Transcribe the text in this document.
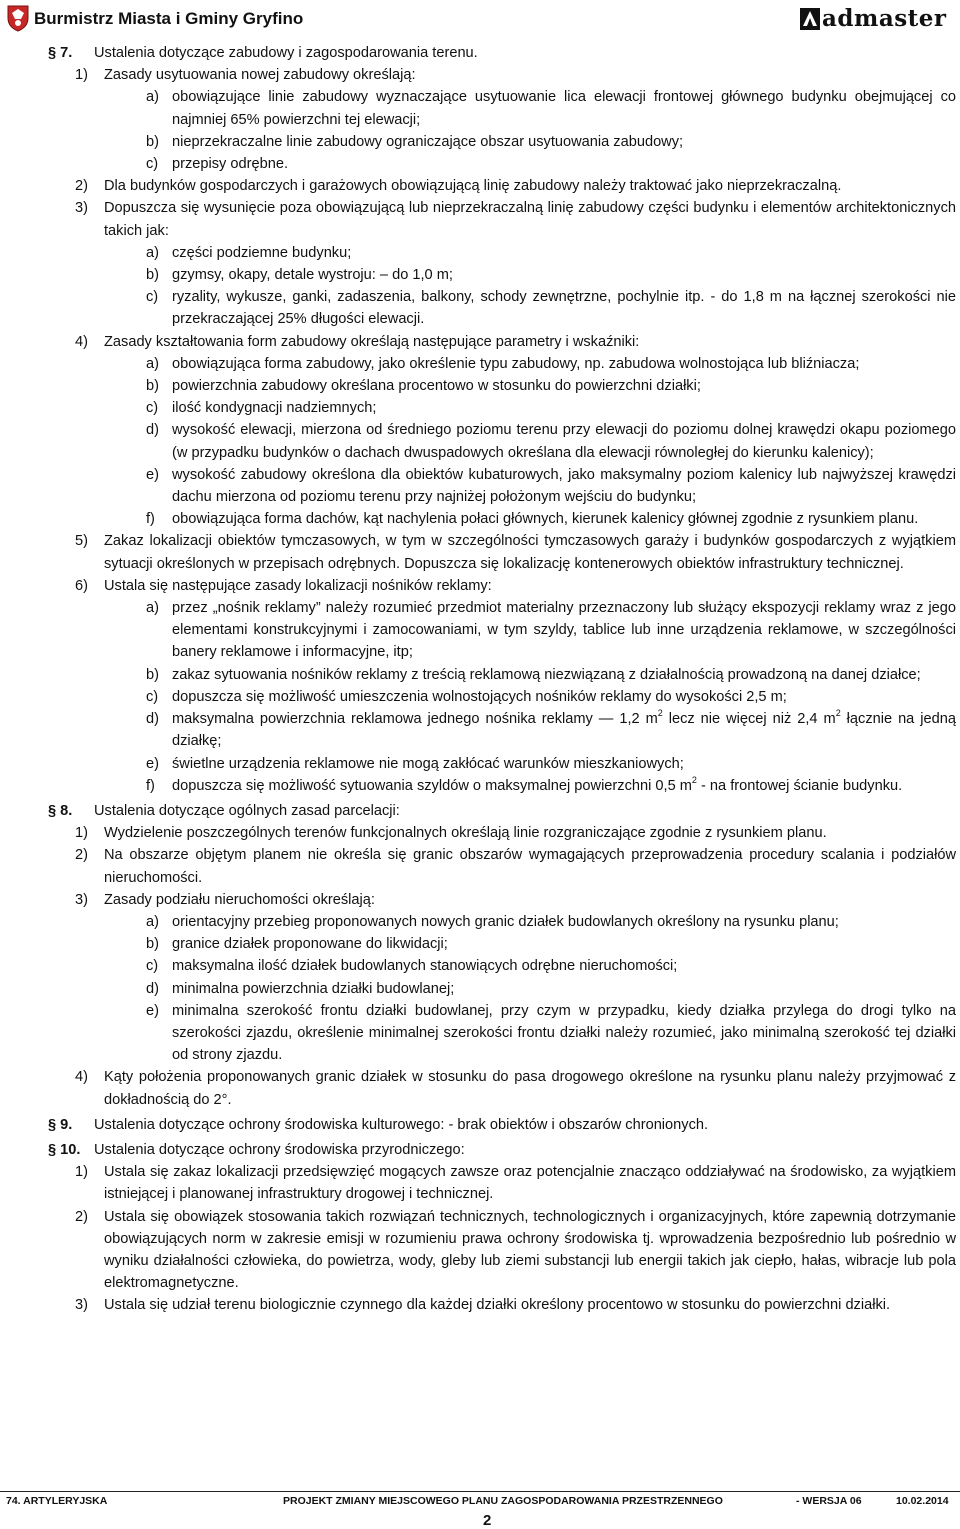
Burmistrz Miasta i Gminy Gryfino	admaster
§ 7. Ustalenia dotyczące zabudowy i zagospodarowania terenu.
1) Zasady usytuowania nowej zabudowy określają:
a) obowiązujące linie zabudowy wyznaczające usytuowanie lica elewacji frontowej głównego budynku obejmującej co najmniej 65% powierzchni tej elewacji;
b) nieprzekraczalne linie zabudowy ograniczające obszar usytuowania zabudowy;
c) przepisy odrębne.
2) Dla budynków gospodarczych i garażowych obowiązującą linię zabudowy należy traktować jako nieprzekraczalną.
3) Dopuszcza się wysunięcie poza obowiązującą lub nieprzekraczalną linię zabudowy części budynku i elementów architektonicznych takich jak:
a) części podziemne budynku;
b) gzymsy, okapy, detale wystroju: – do 1,0 m;
c) ryzality, wykusze, ganki, zadaszenia, balkony, schody zewnętrzne, pochylnie itp. - do 1,8 m na łącznej szerokości nie przekraczającej 25% długości elewacji.
4) Zasady kształtowania form zabudowy określają następujące parametry i wskaźniki:
a) obowiązująca forma zabudowy, jako określenie typu zabudowy, np. zabudowa wolnostojąca lub bliźniacza;
b) powierzchnia zabudowy określana procentowo w stosunku do powierzchni działki;
c) ilość kondygnacji nadziemnych;
d) wysokość elewacji, mierzona od średniego poziomu terenu przy elewacji do poziomu dolnej krawędzi okapu poziomego (w przypadku budynków o dachach dwuspadowych określana dla elewacji równoległej do kierunku kalenicy);
e) wysokość zabudowy określona dla obiektów kubaturowych, jako maksymalny poziom kalenicy lub najwyższej krawędzi dachu mierzona od poziomu terenu przy najniżej położonym wejściu do budynku;
f) obowiązująca forma dachów, kąt nachylenia połaci głównych, kierunek kalenicy głównej zgodnie z rysunkiem planu.
5) Zakaz lokalizacji obiektów tymczasowych, w tym w szczególności tymczasowych garaży i budynków gospodarczych z wyjątkiem sytuacji określonych w przepisach odrębnych. Dopuszcza się lokalizację kontenerowych obiektów infrastruktury technicznej.
6) Ustala się następujące zasady lokalizacji nośników reklamy:
a) przez „nośnik reklamy” należy rozumieć przedmiot materialny przeznaczony lub służący ekspozycji reklamy wraz z jego elementami konstrukcyjnymi i zamocowaniami, w tym szyldy, tablice lub inne urządzenia reklamowe, w szczególności banery reklamowe i informacyjne, itp;
b) zakaz sytuowania nośników reklamy z treścią reklamową niezwiązaną z działalnością prowadzoną na danej działce;
c) dopuszcza się możliwość umieszczenia wolnostojących nośników reklamy do wysokości 2,5 m;
d) maksymalna powierzchnia reklamowa jednego nośnika reklamy — 1,2 $m^2$ lecz nie więcej niż 2,4 $m^2$ łącznie na jedną działkę;
e) świetlne urządzenia reklamowe nie mogą zakłócać warunków mieszkaniowych;
f) dopuszcza się możliwość sytuowania szyldów o maksymalnej powierzchni 0,5 $m^2$ - na frontowej ścianie budynku.
§ 8. Ustalenia dotyczące ogólnych zasad parcelacji:
1) Wydzielenie poszczególnych terenów funkcjonalnych określają linie rozgraniczające zgodnie z rysunkiem planu.
2) Na obszarze objętym planem nie określa się granic obszarów wymagających przeprowadzenia procedury scalania i podziałów nieruchomości.
3) Zasady podziału nieruchomości określają:
a) orientacyjny przebieg proponowanych nowych granic działek budowlanych określony na rysunku planu;
b) granice działek proponowane do likwidacji;
c) maksymalna ilość działek budowlanych stanowiących odrębne nieruchomości;
d) minimalna powierzchnia działki budowlanej;
e) minimalna szerokość frontu działki budowlanej, przy czym w przypadku, kiedy działka przylega do drogi tylko na szerokości zjazdu, określenie minimalnej szerokości frontu działki należy rozumieć, jako minimalną szerokość tej działki od strony zjazdu.
4) Kąty położenia proponowanych granic działek w stosunku do pasa drogowego określone na rysunku planu należy przyjmować z dokładnością do 2°.
§ 9. Ustalenia dotyczące ochrony środowiska kulturowego: - brak obiektów i obszarów chronionych.
§ 10. Ustalenia dotyczące ochrony środowiska przyrodniczego:
1) Ustala się zakaz lokalizacji przedsięwzięć mogących zawsze oraz potencjalnie znacząco oddziaływać na środowisko, za wyjątkiem istniejącej i planowanej infrastruktury drogowej i technicznej.
2) Ustala się obowiązek stosowania takich rozwiązań technicznych, technologicznych i organizacyjnych, które zapewnią dotrzymanie obowiązujących norm w zakresie emisji w rozumieniu prawa ochrony środowiska tj. wprowadzenia bezpośrednio lub pośrednio w wyniku działalności człowieka, do powietrza, wody, gleby lub ziemi substancji lub energii takich jak ciepło, hałas, wibracje lub pola elektromagnetyczne.
3) Ustala się udział terenu biologicznie czynnego dla każdej działki określony procentowo w stosunku do powierzchni działki.
74. ARTYLERYJSKA	PROJEKT ZMIANY MIEJSCOWEGO PLANU ZAGOSPODAROWANIA PRZESTRZENNEGO	- WERSJA 06	10.02.2014
2
